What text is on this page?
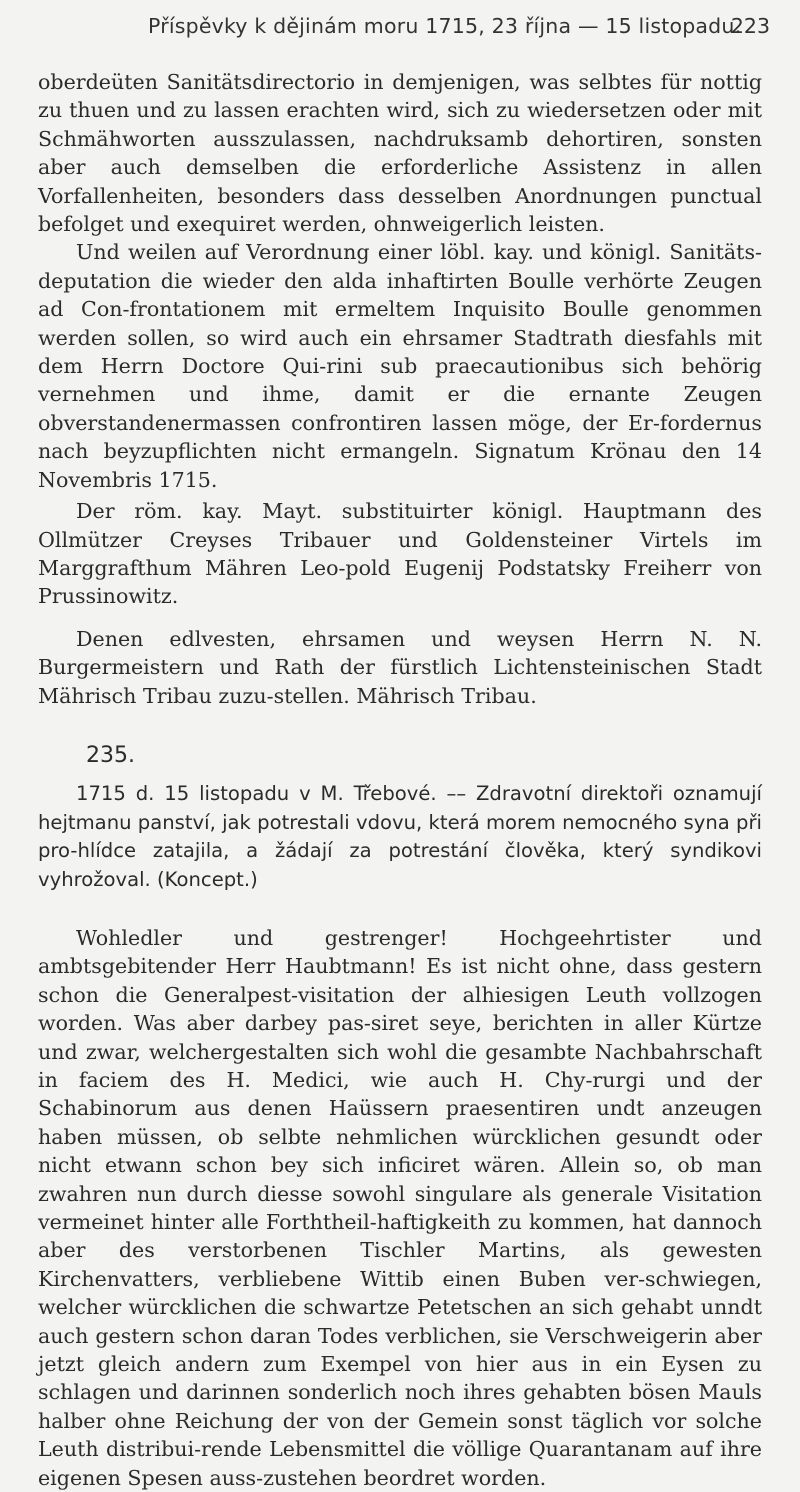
Příspěvky k dějinám moru 1715, 23 října — 15 listopadu.
223

oberdeüten Sanitätsdirectorio in demjenigen, was selbtes für nottig zu thuen und zu lassen erachten wird, sich zu wiedersetzen oder mit Schmähworten ausszulassen, nachdruksamb dehortiren, sonsten aber auch demselben die erforderliche Assistenz in allen Vorfallenheiten, besonders dass desselben Anordnungen punctual befolget und exequiret werden, ohnweigerlich leisten.

Und weilen auf Verordnung einer löbl. kay. und königl. Sanitäts-deputation die wieder den alda inhaftirten Boulle verhörte Zeugen ad Con-frontationem mit ermeltem Inquisito Boulle genommen werden sollen, so wird auch ein ehrsamer Stadtrath diesfahls mit dem Herrn Doctore Qui-rini sub praecautionibus sich behörig vernehmen und ihme, damit er die ernante Zeugen obverstandenermassen confrontiren lassen möge, der Er-fordernus nach beyzupflichten nicht ermangeln. Signatum Krönau den 14 Novembris 1715.

Der röm. kay. Mayt. substituirter königl. Hauptmann des Ollmützer Creyses Tribauer und Goldensteiner Virtels im Marggrafthum Mähren Leo-pold Eugenij Podstatsky Freiherr von Prussinowitz.

Denen edlvesten, ehrsamen und weysen Herrn N. N. Burgermeistern und Rath der fürstlich Lichtensteinischen Stadt Mährisch Tribau zuzu-stellen. Mährisch Tribau.

235.

1715 d. 15 listopadu v M. Třebové. –– Zdravotní direktoři oznamují hejtmanu panství, jak potrestali vdovu, která morem nemocného syna při pro-hlídce zatajila, a žádají za potrestání člověka, který syndikovi vyhrožoval. (Koncept.)

Wohledler und gestrenger! Hochgeehrtister und ambtsgebitender Herr Haubtmann! Es ist nicht ohne, dass gestern schon die Generalpest-visitation der alhiesigen Leuth vollzogen worden. Was aber darbey pas-siret seye, berichten in aller Kürtze und zwar, welchergestalten sich wohl die gesambte Nachbahrschaft in faciem des H. Medici, wie auch H. Chy-rurgi und der Schabinorum aus denen Haüssern praesentiren undt anzeugen haben müssen, ob selbte nehmlichen würcklichen gesundt oder nicht etwann schon bey sich inficiret wären. Allein so, ob man zwahren nun durch diesse sowohl singulare als generale Visitation vermeinet hinter alle Forththeil-haftigkeith zu kommen, hat dannoch aber des verstorbenen Tischler Martins, als gewesten Kirchenvatters, verbliebene Wittib einen Buben ver-schwiegen, welcher würcklichen die schwartze Petetschen an sich gehabt unndt auch gestern schon daran Todes verblichen, sie Verschweigerin aber jetzt gleich andern zum Exempel von hier aus in ein Eysen zu schlagen und darinnen sonderlich noch ihres gehabten bösen Mauls halber ohne Reichung der von der Gemein sonst täglich vor solche Leuth distribui-rende Lebensmittel die völlige Quarantanam auf ihre eigenen Spesen auss-zustehen beordret worden.
